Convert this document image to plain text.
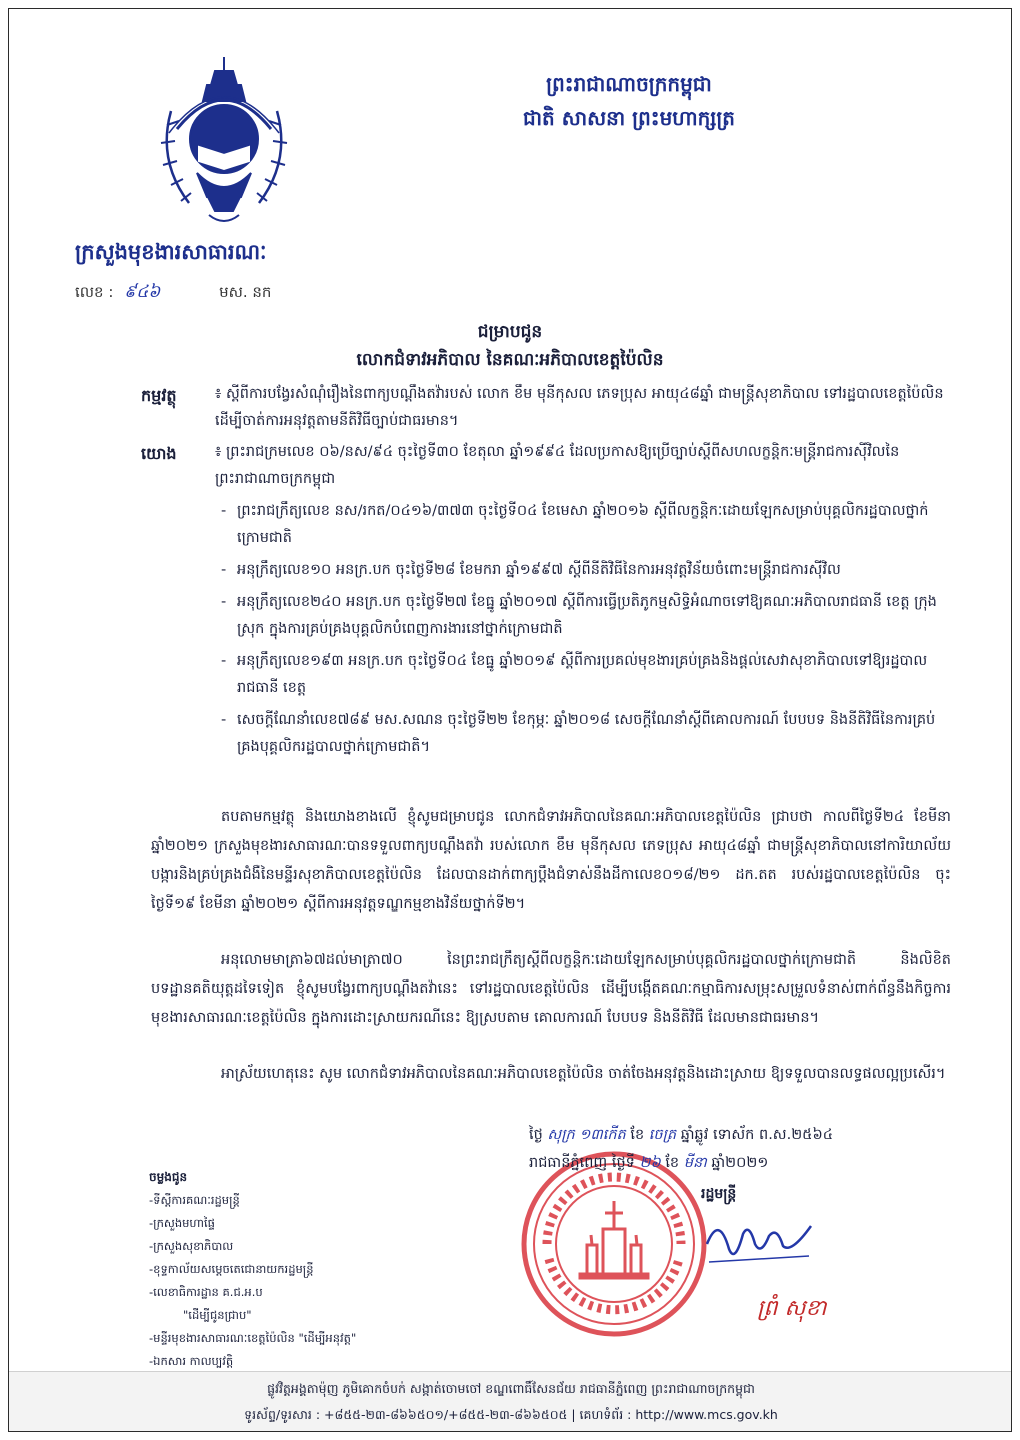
ព្រះរាជាណាចក្រកម្ពុជា
ជាតិ សាសនា ព្រះមហាក្សត្រ
ក្រសួងមុខងារសាធារណៈ
លេខ : ៩៤៦	មស. នក
ជម្រាបជូន
លោកជំទាវអភិបាល នៃគណៈអភិបាលខេត្តប៉ៃលិន
កម្មវត្ថុ	៖ ស្តីពីការបង្វែរសំណុំរឿងនៃពាក្យបណ្តឹងតវ៉ារបស់ លោក ខឹម មុនីកុសល ភេទប្រុស អាយុ៤៨ឆ្នាំ ជាមន្ត្រីសុខាភិបាល ទៅរដ្ឋបាលខេត្តប៉ៃលិន ដើម្បីចាត់ការអនុវត្តតាមនីតិវិធីច្បាប់ជាធរមាន។
យោង	៖ ព្រះរាជក្រមលេខ ០៦/នស/៩៤ ចុះថ្ងៃទី៣០ ខែតុលា ឆ្នាំ១៩៩៤ ដែលប្រកាសឱ្យប្រើច្បាប់ស្តីពីសហលក្ខន្តិកៈមន្ត្រីរាជការស៊ីវិលនៃព្រះរាជាណាចក្រកម្ពុជា
- ព្រះរាជក្រឹត្យលេខ នស/រកត/០៤១៦/៣៧៣ ចុះថ្ងៃទី០៤ ខែមេសា ឆ្នាំ២០១៦ ស្តីពីលក្ខន្តិកៈដោយឡែកសម្រាប់បុគ្គលិករដ្ឋបាលថ្នាក់ក្រោមជាតិ
- អនុក្រឹត្យលេខ១០ អនក្រ.បក ចុះថ្ងៃទី២៨ ខែមករា ឆ្នាំ១៩៩៧ ស្តីពីនីតិវិធីនៃការអនុវត្តវិន័យចំពោះមន្ត្រីរាជការស៊ីវិល
- អនុក្រឹត្យលេខ២៤០ អនក្រ.បក ចុះថ្ងៃទី២៧ ខែធ្នូ ឆ្នាំ២០១៧ ស្តីពីការធ្វើប្រតិភូកម្មសិទ្ធិអំណាចទៅឱ្យគណៈអភិបាលរាជធានី ខេត្ត ក្រុង ស្រុក ក្នុងការគ្រប់គ្រងបុគ្គលិកបំពេញការងារនៅថ្នាក់ក្រោមជាតិ
- អនុក្រឹត្យលេខ១៩៣ អនក្រ.បក ចុះថ្ងៃទី០៤ ខែធ្នូ ឆ្នាំ២០១៩ ស្តីពីការប្រគល់មុខងារគ្រប់គ្រងនិងផ្តល់សេវាសុខាភិបាលទៅឱ្យរដ្ឋបាលរាជធានី ខេត្ត
- សេចក្តីណែនាំលេខ៧៨៩ មស.សណន ចុះថ្ងៃទី២២ ខែកុម្ភៈ ឆ្នាំ២០១៨ សេចក្តីណែនាំស្តីពីគោលការណ៍ បែបបទ និងនីតិវិធីនៃការគ្រប់គ្រងបុគ្គលិករដ្ឋបាលថ្នាក់ក្រោមជាតិ។
តបតាមកម្មវត្ថុ និងយោងខាងលើ ខ្ញុំសូមជម្រាបជូន លោកជំទាវអភិបាលនៃគណៈអភិបាលខេត្តប៉ៃលិន ជ្រាបថា កាលពីថ្ងៃទី២៤ ខែមីនា ឆ្នាំ២០២១ ក្រសួងមុខងារសាធារណៈបានទទួលពាក្យបណ្តឹងតវ៉ា របស់លោក ខឹម មុនីកុសល ភេទប្រុស អាយុ៤៨ឆ្នាំ ជាមន្ត្រីសុខាភិបាលនៅការិយាល័យបង្ការនិងគ្រប់គ្រងជំងឺនៃមន្ទីរសុខាភិបាលខេត្តប៉ៃលិន ដែលបានដាក់ពាក្យប្តឹងជំទាស់នឹងដីកាលេខ០១៨/២១ ដក.តត របស់រដ្ឋបាលខេត្តប៉ៃលិន ចុះថ្ងៃទី១៩ ខែមីនា ឆ្នាំ២០២១ ស្តីពីការអនុវត្តទណ្ឌកម្មខាងវិន័យថ្នាក់ទី២។
អនុលោមមាត្រា៦៧ដល់មាត្រា៧០ នៃព្រះរាជក្រឹត្យស្តីពីលក្ខន្តិកៈដោយឡែកសម្រាប់បុគ្គលិករដ្ឋបាលថ្នាក់ក្រោមជាតិ និងលិខិតបទដ្ឋានគតិយុត្តដទៃទៀត ខ្ញុំសូមបង្វែរពាក្យបណ្តឹងតវ៉ានេះ ទៅរដ្ឋបាលខេត្តប៉ៃលិន ដើម្បីបង្កើតគណៈកម្មាធិការសម្រុះសម្រួលទំនាស់ពាក់ព័ន្ធនឹងកិច្ចការមុខងារសាធារណៈខេត្តប៉ៃលិន ក្នុងការដោះស្រាយករណីនេះ ឱ្យស្របតាម គោលការណ៍ បែបបទ និងនីតិវិធី ដែលមានជាធរមាន។
អាស្រ័យហេតុនេះ សូម លោកជំទាវអភិបាលនៃគណៈអភិបាលខេត្តប៉ៃលិន ចាត់ចែងអនុវត្តនិងដោះស្រាយ ឱ្យទទួលបានលទ្ធផលល្អប្រសើរ។
ចម្លងជូន
-ទីស្តីការគណៈរដ្ឋមន្ត្រី
-ក្រសួងមហាផ្ទៃ
-ក្រសួងសុខាភិបាល
-ខុទ្ទកាល័យសម្តេចតេជោនាយករដ្ឋមន្ត្រី
-លេខាធិការដ្ឋាន គ.ជ.អ.ប
"ដើម្បីជូនជ្រាប"
-មន្ទីរមុខងារសាធារណៈខេត្តប៉ៃលិន "ដើម្បីអនុវត្ត"
-ឯកសារ កាលប្បវត្តិ
ថ្ងៃ សុក្រ ១៣កើត ខែ ចេត្រ ឆ្នាំឆ្លូវ ទោស័ក ព.ស.២៥៦៤
រាជធានីភ្នំពេញ ថ្ងៃទី ២៦ ខែ មីនា ឆ្នាំ២០២១
រដ្ឋមន្ត្រី
ព្រំ សុខា
ផ្លូវវិត្តអង្គតាម៉ុញ ភូមិគោកចំបក់ សង្កាត់ចោមចៅ ខណ្ឌពោធិ៍សែនជ័យ រាជធានីភ្នំពេញ ព្រះរាជាណាចក្រកម្ពុជា
ទូរស័ព្ទ/ទូរសារ : +៨៥៥-២៣-៨៦៦៥០១/+៨៥៥-២៣-៨៦៦៥០៥ | គេហទំព័រ : http://www.mcs.gov.kh
